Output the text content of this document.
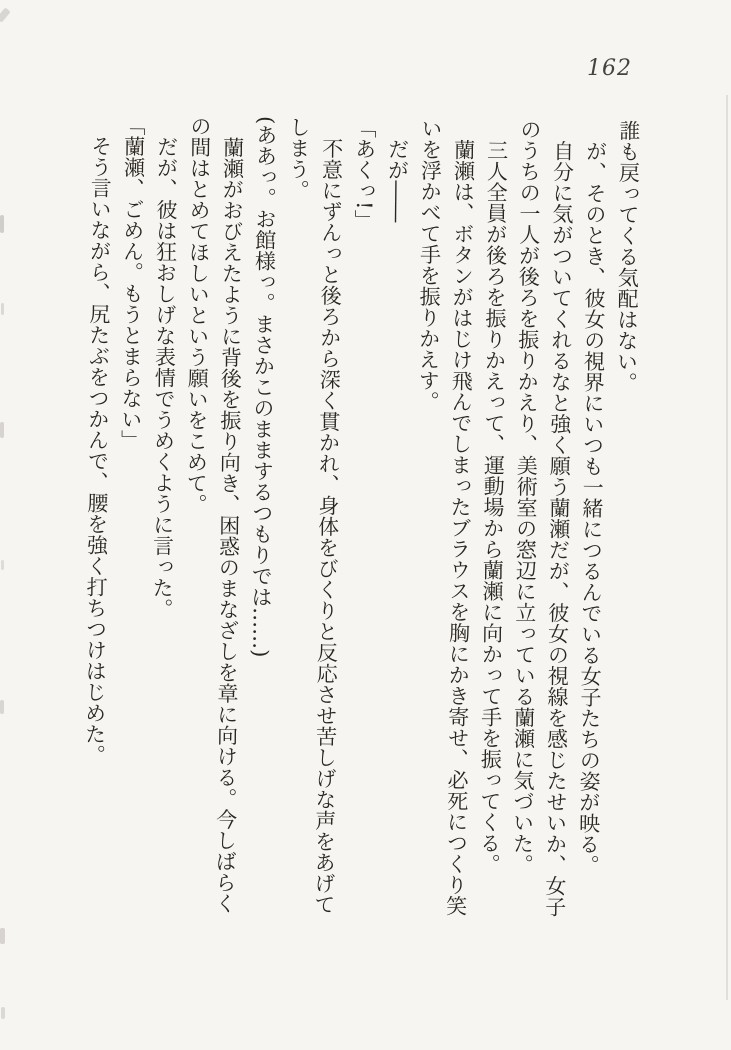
162
誰も戻ってくる気配はない。
が、そのとき、彼女の視界にいつも一緒につるんでいる女子たちの姿が映る。
自分に気がついてくれるなと強く願う蘭瀬だが、彼女の視線を感じたせいか、女子
のうちの一人が後ろを振りかえり、美術室の窓辺に立っている蘭瀬に気づいた。
三人全員が後ろを振りかえって、運動場から蘭瀬に向かって手を振ってくる。
蘭瀬は、ボタンがはじけ飛んでしまったブラウスを胸にかき寄せ、必死につくり笑
いを浮かべて手を振りかえす。
だが――
「あくっ!」
不意にずんっと後ろから深く貫かれ、身体をびくりと反応させ苦しげな声をあげて
しまう。
(ああっ。お館様っ。まさかこのままするつもりでは……)
蘭瀬がおびえたように背後を振り向き、困惑のまなざしを章に向ける。今しばらく
の間はとめてほしいという願いをこめて。
だが、彼は狂おしげな表情でうめくように言った。
「蘭瀬、ごめん。もうとまらない」
そう言いながら、尻たぶをつかんで、腰を強く打ちつけはじめた。
